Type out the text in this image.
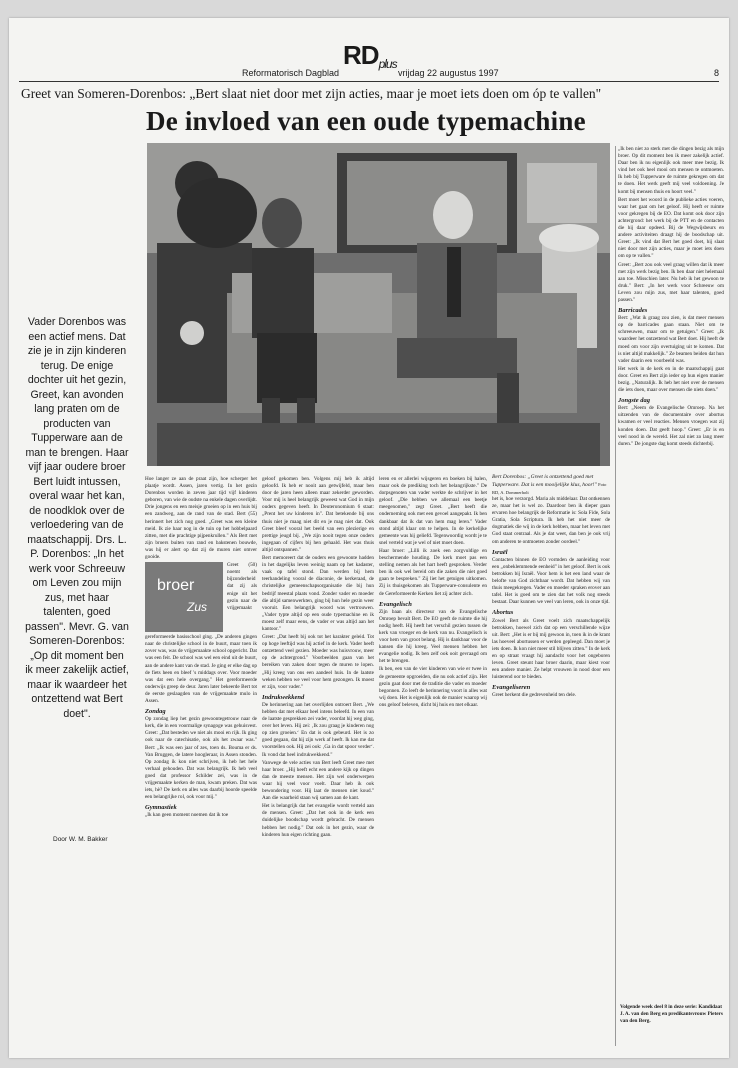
RDplus
Reformatorisch Dagblad	vrijdag 22 augustus 1997	8
Greet van Someren-Dorenbos: „Bert slaat niet door met zijn acties, maar je moet iets doen om óp te vallen"
De invloed van een oude typemachine
Bert Dorenbos: „Greet is ontzettend goed met Tupperware. Dat is een mooijelijke klus, hoor!" Foto RD, A. Dommerholt
Vader Dorenbos was een actief mens. Dat zie je in zijn kinderen terug. De enige dochter uit het gezin, Greet, kan avonden lang praten om de producten van Tupperware aan de man te brengen. Haar vijf jaar oudere broer Bert luidt intussen, overal waar het kan, de noodklok over de verloedering van de maatschappij. Drs. L. P. Dorenbos: „In het werk voor Schreeuw om Leven zou mijn zus, met haar talenten, goed passen". Mevr. G. van Someren-Dorenbos: „Op dit moment ben ik meer zakelijk actief, maar ik waardeer het ontzettend wat Bert doet".
Door W. M. Bakker

Hoe langer ze aan de praat zijn, hoe scherper het plaatje wordt. Assen, jaren vertig. In het gezin Dorenbos worden in zeven jaar tijd vijf kinderen geboren, van wie de oudste na enkele dagen overlijdt. Drie jongens en een meisje groeien op in een huis bij een zandweg, aan de rand van de stad. Bert (55) herinnert het zich nog goed. „Greet was een kleine meid. Ik zie haar nog in de tuin op het hobbelpaard zitten, met die prachtige pijpenkrullen." Als Bert met zijn broers buiten van rand en bakstenen bouwde, was hij er alert op dat zij de muren niet omver gooide.

broer
Zus

Greet (50) noemt als bijzonderheid dat zij als enige uit het gezin naar de vrijgemaakt gereformeerde basisschool ging. „De anderen gingen naar de christelijke school in de buurt, maar toen ik zover was, was de vrijgemaakte school opgericht. Dat was een feit. De school was wel een eind uit de buurt, aan de andere kant van de stad. Je ging er elke dag op de fiets heen en bleef 's middags over. Voor moeder was dat een hele overgang." Het gereformeerde onderwijs greep de deur. Jaren later bekeerde Bert tot de eerste geslaagden van de vrijgemaakte mulo in Assen.

Zondag

Op zondag liep het gezin gewoontegetrouw naar de kerk, die in een voormalige synagoge was gehuisvest. Greet: „Dat besteden we niet als mooi en rijk. Ik ging ook naar de catechisatie, ook als het zwaar was." Bert: „Ik was een jaar of zes, toen ds. Bouma er ds. Van Bruggen, de latere hoogleraar, in Assen stonden. Op zondag ik kon niet schrijven, ik heb het hele verhaal gehouden. Dat was belangrijk. Ik heb veel goed dat professor Schilder zei, was in de vrijgemaakte kerken de man, kwam preken. Dat was iets, hè? De kerk en alles was daarbij hoorde speelde een belangrijke rol, ook voor mij."

Gymnastiek

„Ik kan geen moment noemen dat ik toe

geloof gekomen ben. Volgens mij heb ik altijd geloofd. Ik heb er nooit aan getwijfeld, maar ben door de jaren heen alleen maar zekerder geworden. Voor mij is heel belangrijk geweest wat God in mijn ouders gegeven heeft. In Deuteronomium 6 staat: „Prent het uw kinderen in". Dat betekende bij ons thuis niet je maag niet dit en je mag niet dat. Ook Greet bleef vooral het beeld van een plezierige en prettige jeugd bij. „We zijn nooit tegen onze ouders ingegaan of cijfers bij hen gehaald. Het was thuis altijd ontspannen."

Bert memoreert dat de ouders een gewoonte hadden in het dagelijks leven weinig naam op het kadaster, vaak op tafel stond. Dan werden bij hem teerhandeling vooral de diaconie, de kerkeraad, de christelijke gemeenschapsorganisatie die bij hun bedrijf meestal plaats vond. Zonder vader en moeder die altijd samenwerkten, ging bij hun hele gezin weer vooruit. Een belangrijk woord was vertrouwen. „Vader typte altijd op een oude typemachine en ik moest zelf maar eens, de vader er was altijd aan het kantoor."

Greet: „Dat heeft bij ook tot het karakter geleid. Tot op hoge leeftijd was hij actief in de kerk. Vader heeft ontzettend veel gezien. Moeder was huisvrouw, meer op de achtergrond." Voorbeelden gaan van het bereiken van zaken door tegen de muren te lopen. „Hij kreeg van ons een aandeel huis. In de laatste weken hebben we veel voor hem gezongen. Ik moest er zijn, voor vader."

Indrukwekkend

De herinnering aan het overlijden ontroert Bert. „We hebben dat met elkaar heel intens beleefd. In een van de laatste gesprekken zei vader, voordat hij weg ging, over het leven. Hij zei: ‚Ik zou graag je kinderen nog op zien groeien.‘ En dat is ook gebeurd. Het is zo goed gegaan, dat hij zijn werk af heeft. Ik kan me dat voorstellen ook. Hij zei ook: ‚Ga in dat spoor verder‘. Ik vond dat heel indrukwekkend."

Vanwege de vele acties van Bert leeft Greet mee met haar broer. „Hij heeft echt een andere kijk op dingen dan de meeste mensen. Het zijn wel onderwerpen waar hij veel voor voelt. Daar heb ik ook bewondering voor. Hij laat de mensen niet koud." Aan die waarheid staan wij samen aan de kant.

Het is belangrijk dat het evangelie wordt verteld aan de mensen. Greet: „Dat het ook in de kerk een duidelijke boodschap wordt gebracht. De mensen hebben het nodig." Dat ook in het gezin, waar de kinderen hun eigen richting gaan.

leren en er allerlei wijsgeren en boeken bij halen, maar ook de prediking toch het belangrijkste." De dorpsgenoten van vader werkte de schrijver in het geloof. „Die hebben we allemaal een beetje meegenomen," zegt Greet. „Bert heeft die onderneming ook met een gevoel aangepakt. Ik ben dankbaar dat ik dat van hem mag leren." Vader stond altijd klaar om te helpen. In de kerkelijke gemeente was hij geliefd. Tegenwoordig wordt je te snel verteld wat je wel of niet moet doen.

Haar broer: „Lilli ik zoek een zorgvuldige en beschermende houding. De kerk moet pas een stelling nemen als het hart heeft gesproken. Verder ben ik ook wel bereid om die zaken die niet goed gaan te bespreken." Zij liet het getuigen uitkomen. Zij is thuisgekomen als Tupperware-consulente en de Gereformeerde Kerken liet zij achter zich.

Evangelisch

Zijn baan als directeur van de Evangelische Omroep bevalt Bert. De EO geeft de ruimte die hij nodig heeft. Hij heeft het verschil gezien tussen de kerk van vroeger en de kerk van nu. Evangelisch is voor hem van groot belang. Hij is dankbaar voor de kansen die hij kreeg. Veel mensen hebben het evangelie nodig. Ik ben zelf ook ooit gevraagd om het te brengen.

Ik ben, een van de vier kinderen van wie er twee in de gemeente opgroeiden, die nu ook actief zijn. Het gezin gaat door met de traditie die vader en moeder begonnen. Zo leeft de herinnering voort in alles wat wij doen. Het is eigenlijk ook de manier waarop wij ons geloof beleven, dicht bij huis en met elkaar.

het is, hoe verzorgd. Maria als middelaar. Dat ontkennen ze, maar het is wel zo. Daardoor ben ik dieper gaan ervaren hoe belangrijk de Reformatie is: Sola Fide, Sola Gratia, Sola Scriptura. Ik heb het niet meer de dogmatiek die wij in de kerk hebben, maar het leven met God staat centraal. Als je dat weet, dan ben je ook vrij om anderen te ontmoeten zonder oordeel."

Israël

Contacten binnen de EO vormden de aanleiding voor een „onbeklemmende eenheid" in het geloof. Bert is ook betrokken bij Israël. Voor hem is het een land waar de belofte van God zichtbaar wordt. Dat hebben wij van thuis meegekregen. Vader en moeder spraken erover aan tafel. Het is goed om te zien dat het volk nog steeds bestaat. Daar kunnen we veel van leren, ook in onze tijd.

Abortus

Zowel Bert als Greet voelt zich maatschappelijk betrokken, hoewel zich dat op een verschillende wijze uit. Bert: „Het is er bij mij gewoon in, toen ik in de krant las hoeveel abortussen er werden gepleegd. Dan moet je iets doen. Ik kon niet meer stil blijven zitten." In de kerk en op straat vraagt hij aandacht voor het ongeboren leven. Greet steunt haar broer daarin, maar kiest voor een andere manier. Ze helpt vrouwen in nood door een luisterend oor te bieden.

Evangeliseren

Greet herkent die gedrevenheid ten dele.

„Ik ben niet zo sterk met die dingen bezig als mijn broer. Op dit moment ben ik meer zakelijk actief. Daar ben ik nu eigenlijk ook meer mee bezig. Ik vind het ook heel mooi om mensen te ontmoeten. Ik heb bij Tupperware de ruimte gekregen om dat te doen. Het werk geeft mij veel voldoening. Je komt bij mensen thuis en hoort veel."

Bert moet het woord in de publieke acties voeren, waar het gaat om het geloof. Hij heeft er ruimte voor gekregen bij de EO. Dat komt ook door zijn achtergrond: het werk bij de PTT en de contacten die hij daar opdeed. Bij de Wegwijsbeurs en andere activiteiten draagt hij de boodschap uit. Greet: „Ik vind dat Bert het goed doet, hij slaat niet door met zijn acties, maar je moet iets doen om op te vallen."

Greet: „Bert zou ook veel graag willen dat ik meer met zijn werk bezig ben. Ik ben daar niet helemaal aan toe. Misschien later. Nu heb ik het gewoon te druk." Bert: „In het werk voor Schreeuw om Leven zou mijn zus, met haar talenten, goed passen."

Barricades

Bert: „Wat ik graag zou zien, is dat meer mensen op de barricades gaan staan. Niet om te schreeuwen, maar om te getuigen." Greet: „Ik waardeer het ontzettend wat Bert doet. Hij heeft de moed om voor zijn overtuiging uit te komen. Dat is niet altijd makkelijk." Ze beamen beiden dat hun vader daarin een voorbeeld was.

Het werk in de kerk en in de maatschappij gaat door. Greet en Bert zijn ieder op hun eigen manier bezig. „Naturalijk. Ik heb het niet over de mensen die iets doen, maar over mensen die niets doen."

Jongste dag

Bert: „Neem de Evangelische Omroep. Na het uitzenden van de documentaire over abortus kwamen er veel reacties. Mensen vroegen wat zij konden doen. Dat geeft hoop." Greet: „Er is en veel nood in de wereld. Het zal niet zo lang meer duren." De jongste dag komt steeds dichterbij.

Volgende week deel 8 in deze serie: Kandidaat J. A. van den Berg en predikantsvrouw Pieters van den Berg.
